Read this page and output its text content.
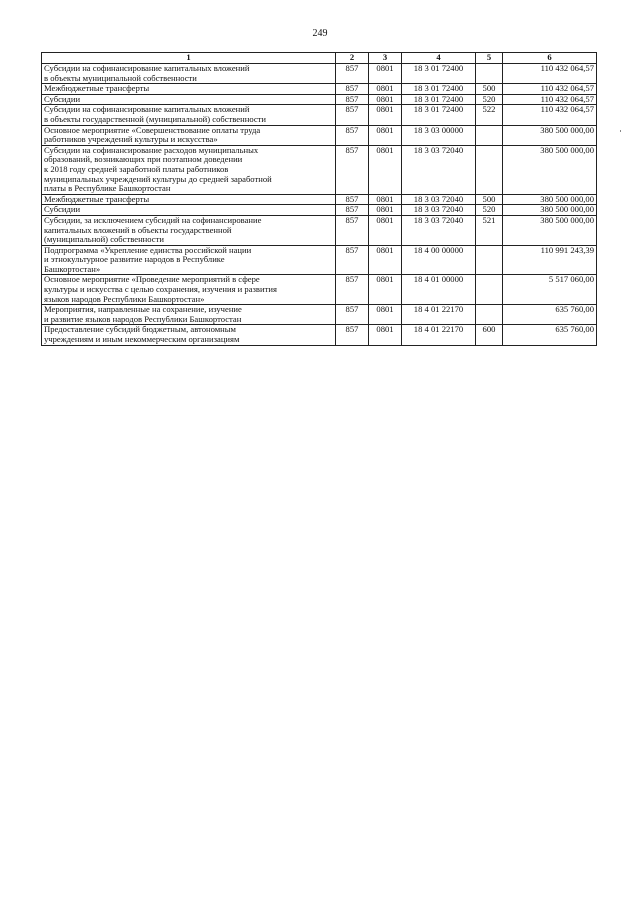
249
1	2	3	4	5	6

Субсидии на софинансирование капитальных вложений
в объекты муниципальной собственности	857	0801	18 3 01 72400		110 432 064,57

Межбюджетные трансферты	857	0801	18 3 01 72400	500	110 432 064,57

Субсидии	857	0801	18 3 01 72400	520	110 432 064,57

Субсидии на софинансирование капитальных вложений
в объекты государственной (муниципальной) собственности	857	0801	18 3 01 72400	522	110 432 064,57

Основное мероприятие «Совершенствование оплаты труда
работников учреждений культуры и искусства»	857	0801	18 3 03 00000		380 500 000,00

Субсидии на софинансирование расходов муниципальных
образований, возникающих при поэтапном доведении
к 2018 году средней заработной платы работников
муниципальных учреждений культуры до средней заработной
платы в Республике Башкортостан	857	0801	18 3 03 72040		380 500 000,00

Межбюджетные трансферты	857	0801	18 3 03 72040	500	380 500 000,00

Субсидии	857	0801	18 3 03 72040	520	380 500 000,00

Субсидии, за исключением субсидий на софинансирование
капитальных вложений в объекты государственной
(муниципальной) собственности	857	0801	18 3 03 72040	521	380 500 000,00

Подпрограмма «Укрепление единства российской нации
и этнокультурное развитие народов в Республике
Башкортостан»	857	0801	18 4 00 00000		110 991 243,39

Основное мероприятие «Проведение мероприятий в сфере
культуры и искусства с целью сохранения, изучения и развития
языков народов Республики Башкортостан»	857	0801	18 4 01 00000		5 517 060,00

Мероприятия, направленные на сохранение, изучение
и развитие языков народов Республики Башкортостан	857	0801	18 4 01 22170		635 760,00

Предоставление субсидий бюджетным, автономным
учреждениям и иным некоммерческим организациям	857	0801	18 4 01 22170	600	635 760,00
